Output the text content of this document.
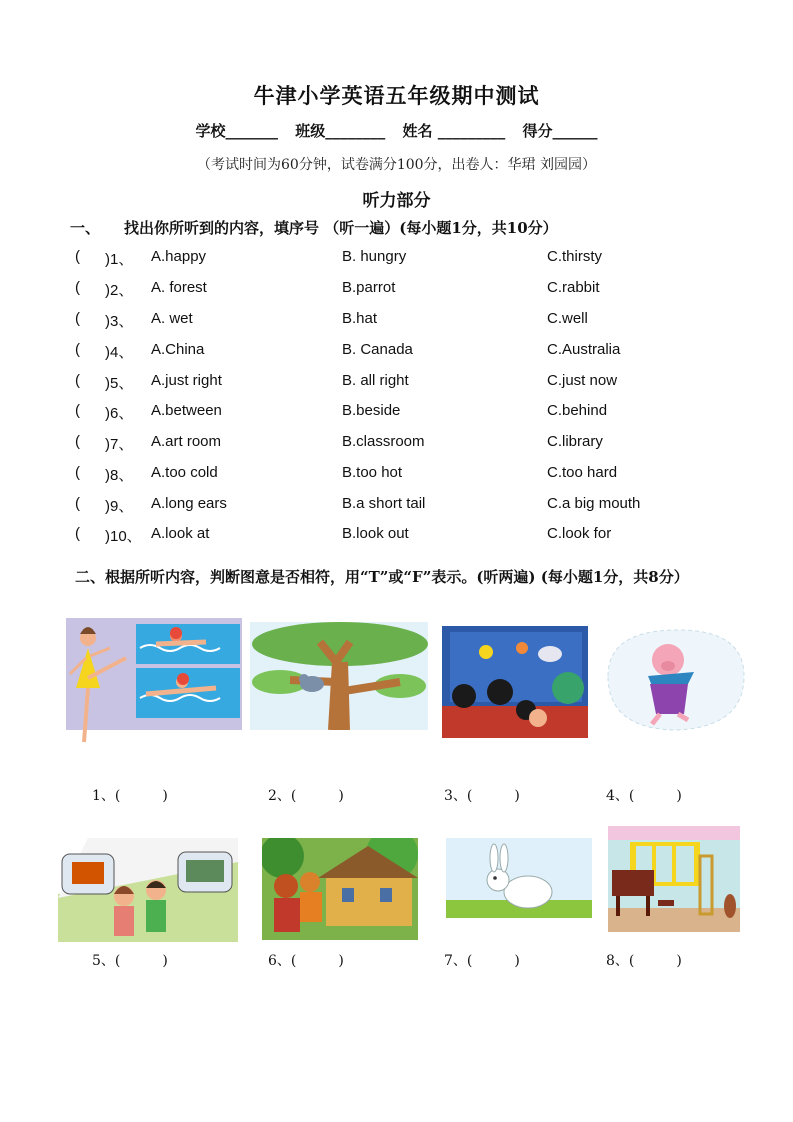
牛津小学英语五年级期中测试
学校_______ 班级________ 姓名 _________ 得分______
（考试时间为60分钟，试卷满分100分，出卷人：华珺 刘园园）
听力部分
一、 找出你所听到的内容，填序号 （听一遍）(每小题1分，共10分）
( )1、 A.happy	B. hungry	C.thirsty
( )2、 A. forest	B.parrot	C.rabbit
( )3、 A. wet	B.hat	C.well
( )4、 A.China	B. Canada	C.Australia
( )5、 A.just right	B. all right	C.just now
( )6、 A.between	B.beside	C.behind
( )7、 A.art room	B.classroom	C.library
( )8、 A.too cold	B.too hot	C.too hard
( )9、 A.long ears	B.a short tail	C.a big mouth
( )10、 A.look at	B.look out	C.look for
二、根据所听内容，判断图意是否相符，用“T”或“F”表示。(听两遍) (每小题1分，共8分）
1、(　　　)	2、(　　　)	3、(　　　)	4、(　　　)
5、(　　　)	6、(　　　)	7、(　　　)	8、(　　　)
